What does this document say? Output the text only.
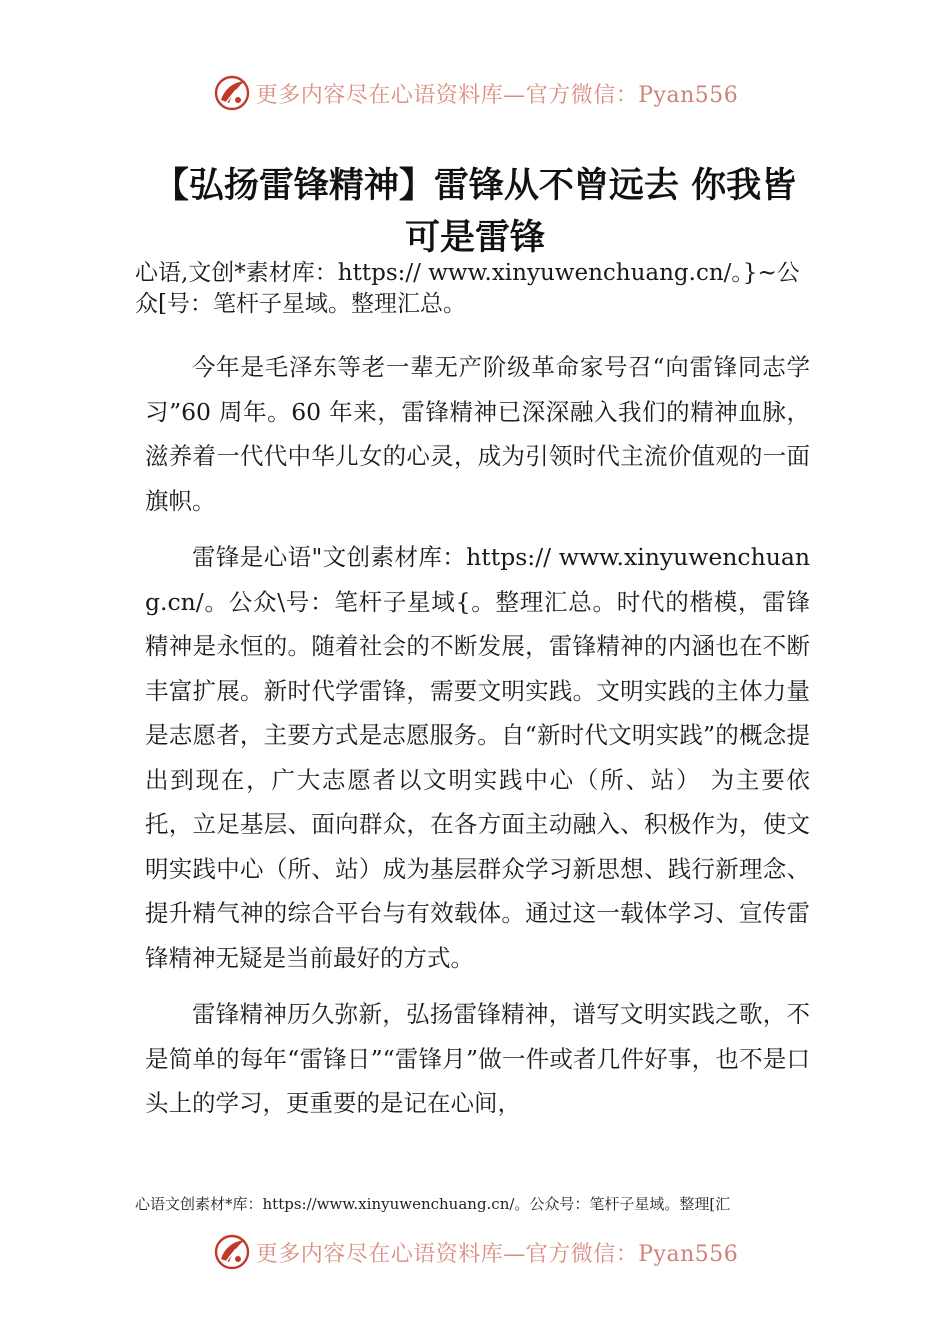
更多内容尽在心语资料库—官方微信：Pyan556
【弘扬雷锋精神】雷锋从不曾远去 你我皆可是雷锋

心语,文创*素材库：https:// www.xinyuwenchuang.cn/。}~公众[号：笔杆子星域。整理汇总。

今年是毛泽东等老一辈无产阶级革命家号召“向雷锋同志学习”60 周年。60 年来，雷锋精神已深深融入我们的精神血脉，滋养着一代代中华儿女的心灵，成为引领时代主流价值观的一面旗帜。

雷锋是心语"文创素材库：https:// www.xinyuwenchuang.cn/。公众\号：笔杆子星域{。整理汇总。时代的楷模，雷锋精神是永恒的。随着社会的不断发展，雷锋精神的内涵也在不断丰富扩展。新时代学雷锋，需要文明实践。文明实践的主体力量是志愿者，主要方式是志愿服务。自“新时代文明实践”的概念提出到现在，广大志愿者以文明实践中心（所、站） 为主要依托，立足基层、面向群众，在各方面主动融入、积极作为，使文明实践中心（所、站）成为基层群众学习新思想、践行新理念、提升精气神的综合平台与有效载体。通过这一载体学习、宣传雷锋精神无疑是当前最好的方式。

雷锋精神历久弥新，弘扬雷锋精神，谱写文明实践之歌，不是简单的每年“雷锋日”“雷锋月”做一件或者几件好事，也不是口头上的学习，更重要的是记在心间，

心语文创素材*库：https://www.xinyuwenchuang.cn/。公众号：笔杆子星域。整理[汇
更多内容尽在心语资料库—官方微信：Pyan556
